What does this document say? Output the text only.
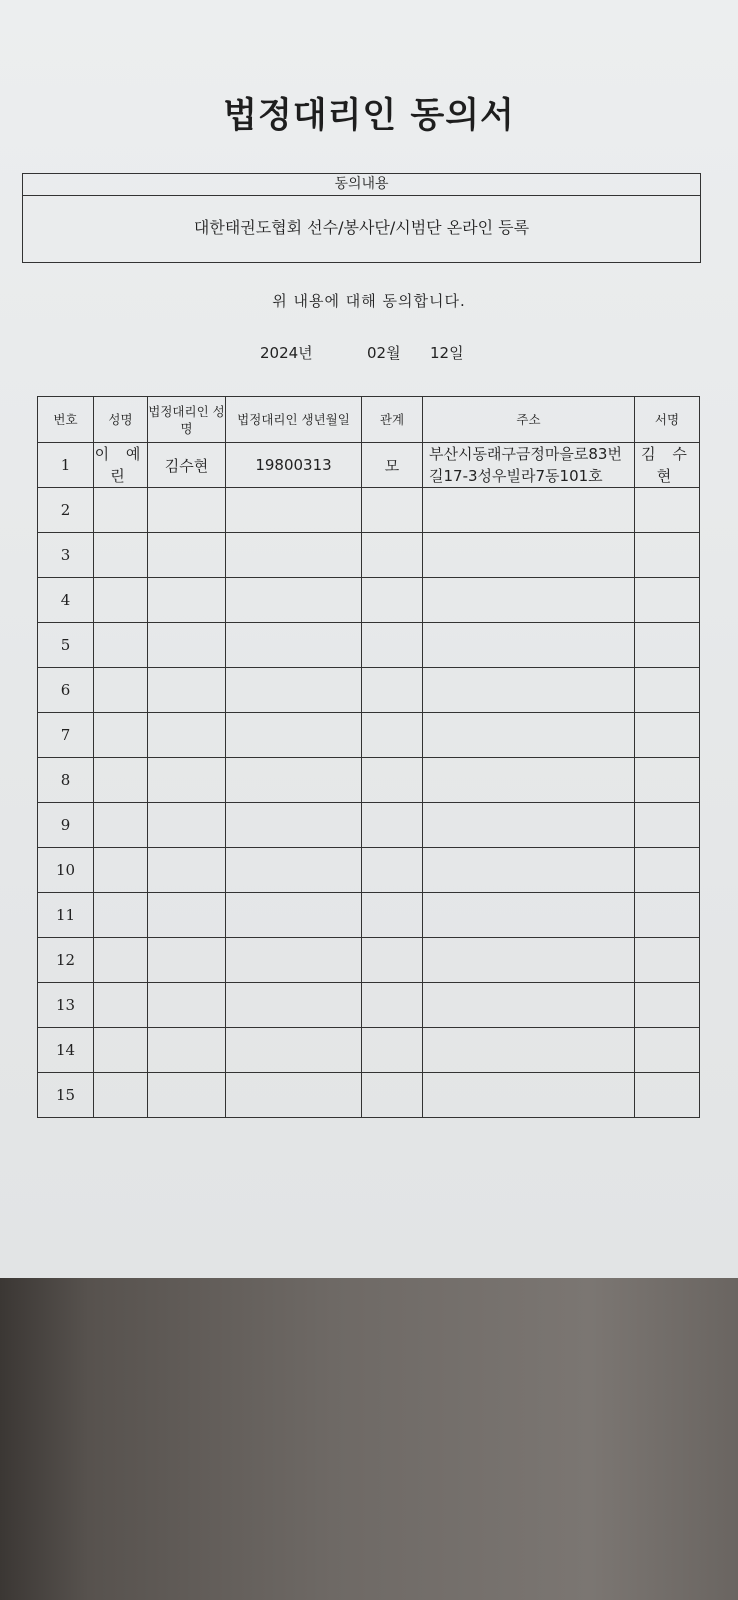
법정대리인 동의서
동의내용
대한태권도협회 선수/봉사단/시범단 온라인 등록
위 내용에 대해 동의합니다.
2024년	02월 12일
번호	성명	법정대리인 성명	법정대리인 생년월일	관계	주소	서명
1	이 예 린	김수현	19800313	모	부산시동래구금정마을로83번길17-3성우빌라7동101호	김 수 현
2						
3						
4						
5						
6						
7						
8						
9						
10						
11						
12						
13						
14						
15						
